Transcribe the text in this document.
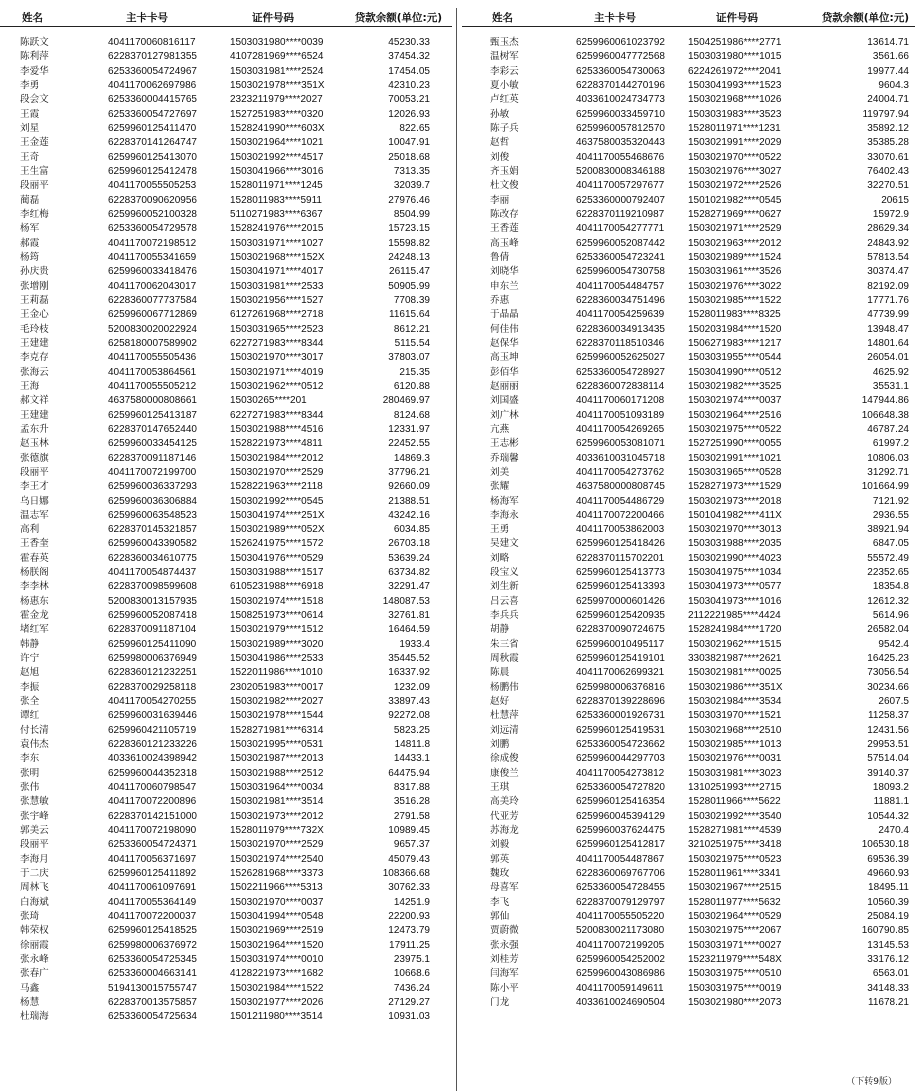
姓名	主卡卡号	证件号码	贷款余额(单位:元)
陈跃文	4041170060816117	1503031980****0039	45230.33
陈利萍	6228370127981355	4107281969****6524	37454.32
李爱华	6253360054724967	1503031981****2524	17454.05
李勇	4041170062697986	1503021978****351X	42310.23
段会文	6253360004415765	2323211979****2027	70053.21
王霞	6253360054727697	1527251983****0320	12026.93
刘星	6259960125411470	1528241990****603X	822.65
王金莲	6228370141264747	1503021964****1021	10047.91
王奇	6259960125413070	1503021992****4517	25018.68
王生富	6259960125412478	1503041966****3016	7313.35
段丽平	4041170055505253	1528011971****1245	32039.7
蔺磊	6228370090620956	1528011983****5911	27976.46
李红梅	6259960052100328	5110271983****6367	8504.99
杨军	6253360054729578	1528241976****2015	15723.15
郝霞	4041170072198512	1503031971****1027	15598.82
杨筠	4041170055341659	1503021968****152X	24248.13
孙庆贵	6259960033418476	1503041971****4017	26115.47
张增刚	4041170062043017	1503031981****2533	50905.99
王莉磊	6228360077737584	1503021956****1527	7708.39
王金心	6259960067712869	6127261968****2718	11615.64
毛玲枝	5200830020022924	1503031965****2523	8612.21
王建建	6258180007589902	6227271983****8344	5115.54
李克存	4041170055505436	1503021970****3017	37803.07
张海云	4041170053864561	1503021971****4019	215.35
王海	4041170055505212	1503021962****0512	6120.88
郝文祥	4637580000808661	15030265****201	280469.97
王建建	6259960125413187	6227271983****8344	8124.68
孟东升	6228370147652440	1503021988****4516	12331.97
赵玉林	6259960033454125	1528221973****4811	22452.55
张德旗	6228370091187146	1503021984****2012	14869.3
段丽平	4041170072199700	1503021970****2529	37796.21
李王才	6259960036337293	1528221963****2118	92660.09
乌日娜	6259960036306884	1503021992****0545	21388.51
温志军	6259960063548523	1503041974****251X	43242.16
高利	6228370145321857	1503021989****052X	6034.85
王香奎	6259960043390582	1526241975****1572	26703.18
霍春英	6228360034610775	1503041976****0529	53639.24
杨朕阁	4041170054874437	1503031988****1517	63734.82
李李林	6228370098599608	6105231988****6918	32291.47
杨惠东	5200830013157935	1503021974****1518	148087.53
霍金龙	6259960052087418	1508251973****0614	32761.81
堵红军	6228370091187104	1503021979****1512	16464.59
韩静	6259960125411090	1503021989****3020	1933.4
许宁	6259980006376949	1503041986****2533	35445.52
赵旭	6228360121232251	1522011986****1010	16337.92
李振	6228370029258118	2302051983****0017	1232.09
张全	4041170054270255	1503021982****2027	33897.43
谭红	6259960031639446	1503021978****1544	92272.08
付长清	6259960421105719	1528271981****6314	5823.25
袁伟杰	6228360121233226	1503021995****0531	14811.8
李东	4033610024398942	1503021987****2013	14433.1
张明	6259960044352318	1503021988****2512	64475.94
张伟	4041170060798547	1503031964****0034	8317.88
张慧敏	4041170072200896	1503021981****3514	3516.28
张宇峰	6228370142151000	1503021973****2012	2791.58
郭美云	4041170072198090	1528011979****732X	10989.45
段丽平	6253360054724371	1503021970****2529	9657.37
李海月	4041170056371697	1503021974****2540	45079.43
于二庆	6259960125411892	1526281968****3373	108366.68
周林飞	4041170061097691	1502211966****5313	30762.33
白海斌	4041170055364149	1503021970****0037	14251.9
张琦	4041170072200037	1503041994****0548	22200.93
韩荣权	6259960125418525	1503021969****2519	12473.79
徐丽霞	6259980006376972	1503021964****1520	17911.25
张永峰	6253360054725345	1503031974****0010	23975.1
张春广	6253360004663141	4128221973****1682	10668.6
马鑫	5194130015755747	1503021984****1522	7436.24
杨慧	6228370013575857	1503021977****2026	27129.27
杜瑞海	6253360054725634	1501211980****3514	10931.03
姓名	主卡卡号	证件号码	贷款余额(单位:元)
甄玉杰	6259960061023792 1504251986****2771	13614.71
温树军	6259960047772568 1503031980****1015	3561.66
李彩云	6253360054730063 6224261972****2041	19977.44
夏小敏	6228370144270196 1503041993****1523	9604.3
卢红英	4033610024734773 1503021968****1026	24004.71
孙敏	6259960033459710 1503031983****3523	119797.94
陈子兵	6259960057812570 1528011971****1231	35892.12
赵哲	4637580035320443 1503021991****2029	35385.28
刘俊	4041170055468676 1503021970****0522	33070.61
齐玉娟	5200830008346188 1503021976****3027	76402.43
杜文俊	4041170057297677 1503021972****2526	32270.51
李丽	6253360000792407 1501021982****0545	20615
陈改存	6228370119210987 1528271969****0627	15972.9
王香莲	4041170054277771 1503021971****2529	28629.34
高玉峰	6259960052087442 1503021963****2012	24843.92
鲁倩	6253360054723241 1503021989****1524	57813.54
刘晓华	6259960054730758 1503031961****3526	30374.47
申东兰	4041170054484757 1503021976****3022	82192.09
乔惠	6228360034751496 1503021985****1522	17771.76
于晶晶	4041170054259639 1528011983****8325	47739.99
何佳伟	6228360034913435 1502031984****1520	13948.47
赵保华	6228370118510346 1506271983****1217	14801.64
高玉坤	6259960052625027 1503031955****0544	26054.01
彭佰华	6253360054728927 1503041990****0512	4625.92
赵丽丽	6228360072838114 1503021982****3525	35531.1
刘国盛	4041170060171208 1503021974****0037	147944.86
刘广林	4041170051093189 1503021964****2516	106648.38
亢燕	4041170054269265 1503021975****0522	46787.24
王志彬	6259960053081071 1527251990****0055	61997.2
乔瑞馨	4033610031045718 1503021991****1021	10806.03
刘美	4041170054273762 1503031965****0528	31292.71
张耀	4637580000808745 1528271973****1529	101664.99
杨海军	4041170054486729 1503021973****2018	7121.92
李海永	4041170072200466 1501041982****411X	2936.55
王勇	4041170053862003 1503021970****3013	38921.94
吴建文	6259960125418426 1503031988****2035	6847.05
刘略	6228370115702201 1503021990****4023	55572.49
段宝义	6259960125413773 1503041975****1034	22352.65
刘生新	6259960125413393 1503041973****0577	18354.8
吕云喜	6259970000601426 1503041973****1016	12612.32
李兵兵	6259960125420935 2112221985****4424	5614.96
胡静	6228370090724675 1528241984****1720	26582.04
朱三省	6259960010495117 1503021962****1515	9542.4
周秋霞	6259960125419101 3303821987****2621	16425.23
陈晨	4041170062699321 1503021981****0025	73056.54
杨鹏伟	6259980006376816 1503021986****351X	30234.66
赵好	6228370139228696 1503021984****3534	2607.5
杜慧萍	6253360001926731 1503031970****1521	11258.37
刘远清	6259960125419531 1503021968****2510	12431.56
刘鹏	6253360054723662 1503021985****1013	29953.51
徐成俊	6259960044297703 1503021976****0031	57514.04
康俊兰	4041170054273812 1503031981****3023	39140.37
王琪	6253360054727820 1310251993****2715	18093.2
高美玲	6259960125416354 1528011966****5622	11881.1
代亚芳	6259960045394129 1503021992****3540	10544.32
苏海龙	6259960037624475 1528271981****4539	2470.4
刘毅	6259960125412817 3210251975****3418	106530.18
郭英	4041170054487867 1503021975****0523	69536.39
魏玫	6228360069767706 1528011961****3341	49660.93
母喜军	6253360054728455 1503021967****2515	18495.11
李飞	6228370079129797 1528011977****5632	10560.39
郭仙	4041170055505220 1503021964****0529	25084.19
贾蔚微	5200830021173080 1503021975****2067	160790.85
张永强	4041170072199205 1503031971****0027	13145.53
刘桂芳	6259960054252002 1523211979****548X	33176.12
闫海军	6259960043086986 1503031975****0510	6563.01
陈小平	4041170059149611 1503031975****0019	34148.33
门龙	4033610024690504 1503021980****2073	11678.21
（下转9版）
